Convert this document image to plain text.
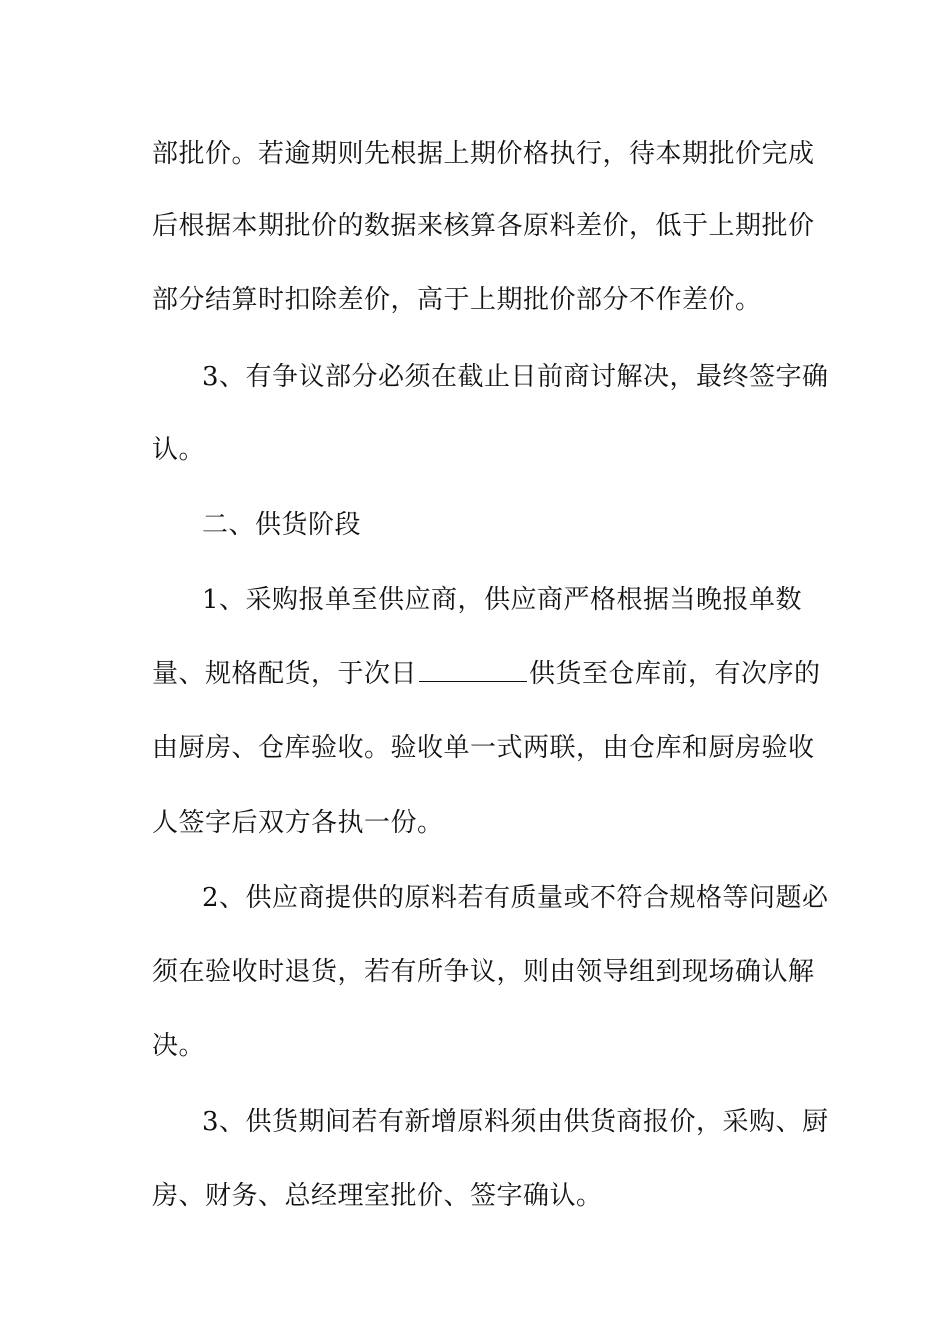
部批价。若逾期则先根据上期价格执行，待本期批价完成

后根据本期批价的数据来核算各原料差价，低于上期批价

部分结算时扣除差价，高于上期批价部分不作差价。

3、有争议部分必须在截止日前商讨解决，最终签字确

认。

二、供货阶段

1、采购报单至供应商，供应商严格根据当晚报单数

量、规格配货，于次日	供货至仓库前，有次序的

由厨房、仓库验收。验收单一式两联，由仓库和厨房验收

人签字后双方各执一份。

2、供应商提供的原料若有质量或不符合规格等问题必

须在验收时退货，若有所争议，则由领导组到现场确认解

决。

3、供货期间若有新增原料须由供货商报价，采购、厨

房、财务、总经理室批价、签字确认。
